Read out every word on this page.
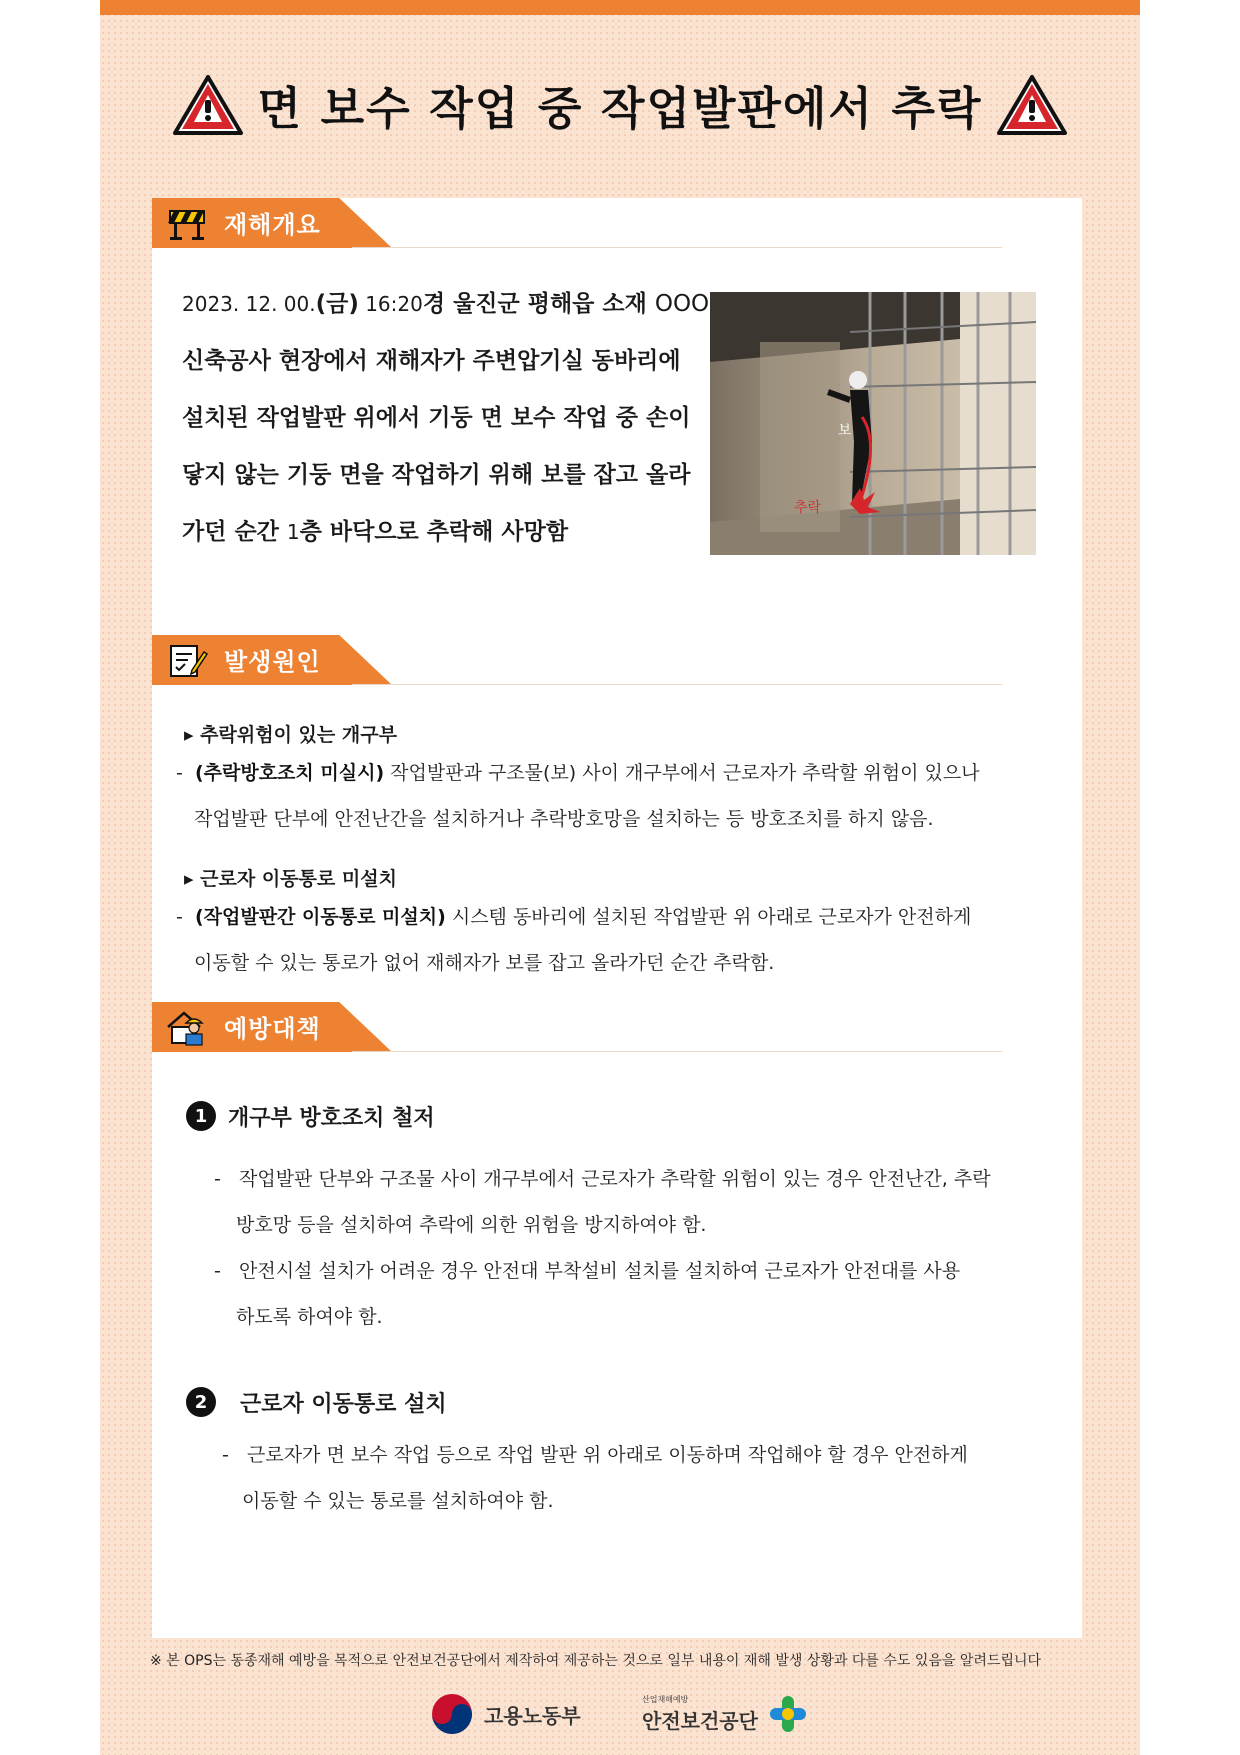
면 보수 작업 중 작업발판에서 추락
재해개요
2023. 12. 00.(금) 16:20경 울진군 평해읍 소재 OOO
신축공사 현장에서 재해자가 주변압기실 동바리에
설치된 작업발판 위에서 기둥 면 보수 작업 중 손이
닿지 않는 기둥 면을 작업하기 위해 보를 잡고 올라
가던 순간 1층 바닥으로 추락해 사망함
보
추락
발생원인
▸ 추락위험이 있는 개구부
- (추락방호조치 미실시) 작업발판과 구조물(보) 사이 개구부에서 근로자가 추락할 위험이 있으나
작업발판 단부에 안전난간을 설치하거나 추락방호망을 설치하는 등 방호조치를 하지 않음.
▸ 근로자 이동통로 미설치
- (작업발판간 이동통로 미설치) 시스템 동바리에 설치된 작업발판 위 아래로 근로자가 안전하게
이동할 수 있는 통로가 없어 재해자가 보를 잡고 올라가던 순간 추락함.
예방대책
1 개구부 방호조치 철저
- 작업발판 단부와 구조물 사이 개구부에서 근로자가 추락할 위험이 있는 경우 안전난간, 추락
방호망 등을 설치하여 추락에 의한 위험을 방지하여야 함.
- 안전시설 설치가 어려운 경우 안전대 부착설비 설치를 설치하여 근로자가 안전대를 사용
하도록 하여야 함.
2	근로자 이동통로 설치
- 근로자가 면 보수 작업 등으로 작업 발판 위 아래로 이동하며 작업해야 할 경우 안전하게
이동할 수 있는 통로를 설치하여야 함.
※ 본 OPS는 동종재해 예방을 목적으로 안전보건공단에서 제작하여 제공하는 것으로 일부 내용이 재해 발생 상황과 다를 수도 있음을 알려드립니다
고용노동부
산업재해예방
안전보건공단
